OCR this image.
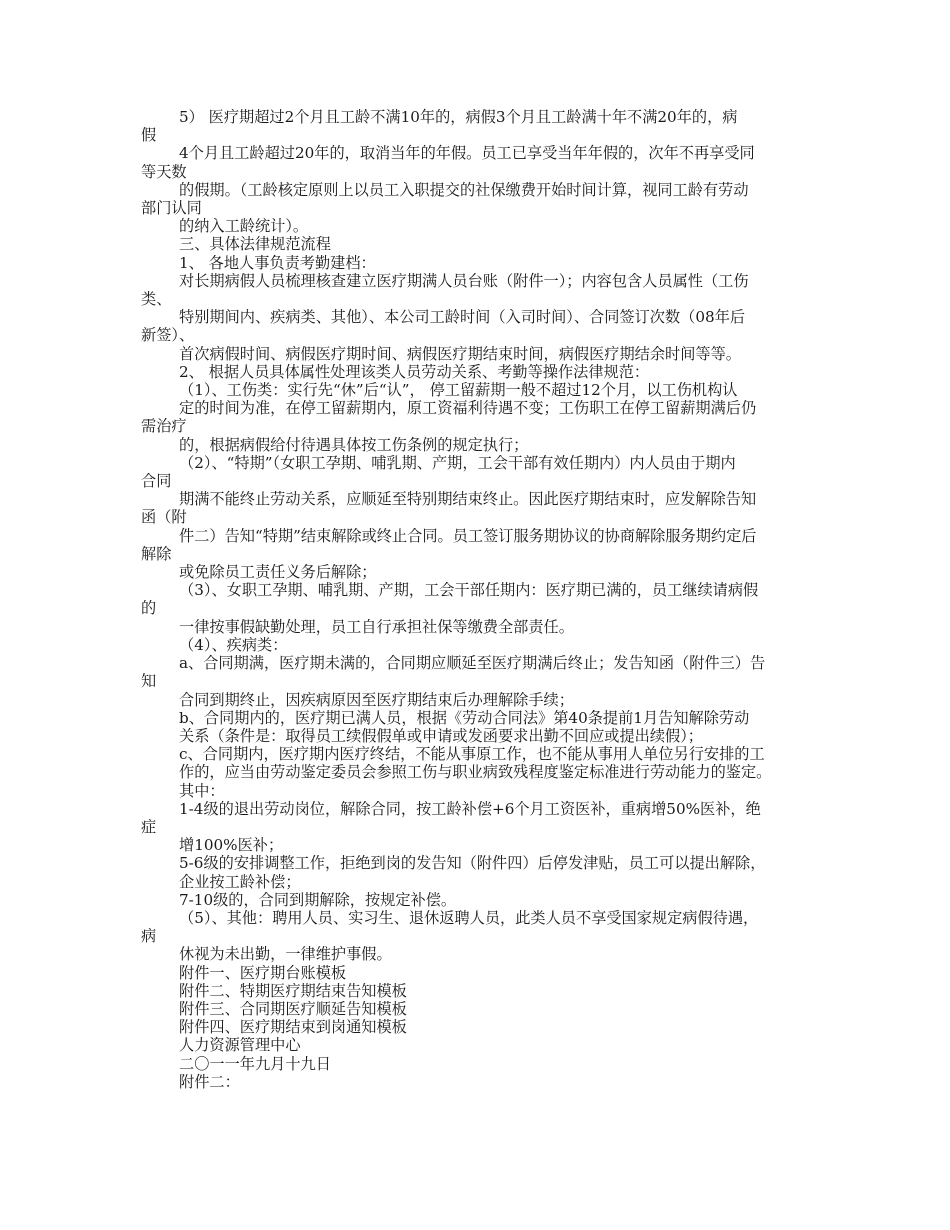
5） 医疗期超过2个月且工龄不满10年的，病假3个月且工龄满十年不满20年的，病

假

4个月且工龄超过20年的，取消当年的年假。员工已享受当年年假的，次年不再享受同

等天数

的假期。（工龄核定原则上以员工入职提交的社保缴费开始时间计算，视同工龄有劳动

部门认同

的纳入工龄统计）。

三、具体法律规范流程

1、 各地人事负责考勤建档：

对长期病假人员梳理核查建立医疗期满人员台账（附件一）；内容包含人员属性（工伤

类、

特别期间内、疾病类、其他）、本公司工龄时间（入司时间）、合同签订次数（08年后

新签）、

首次病假时间、病假医疗期时间、病假医疗期结束时间，病假医疗期结余时间等等。

2、 根据人员具体属性处理该类人员劳动关系、考勤等操作法律规范：

（1）、工伤类：实行先“休”后“认”， 停工留薪期一般不超过12个月，以工伤机构认

定的时间为准，在停工留薪期内，原工资福利待遇不变；工伤职工在停工留薪期满后仍

需治疗

的，根据病假给付待遇具体按工伤条例的规定执行；

（2）、“特期”（女职工孕期、哺乳期、产期，工会干部有效任期内）内人员由于期内

合同

期满不能终止劳动关系，应顺延至特别期结束终止。因此医疗期结束时，应发解除告知

函（附

件二）告知“特期”结束解除或终止合同。员工签订服务期协议的协商解除服务期约定后

解除

或免除员工责任义务后解除；

（3）、女职工孕期、哺乳期、产期，工会干部任期内：医疗期已满的，员工继续请病假

的

一律按事假缺勤处理，员工自行承担社保等缴费全部责任。

（4）、疾病类：

a、合同期满，医疗期未满的，合同期应顺延至医疗期满后终止；发告知函（附件三）告

知

合同到期终止，因疾病原因至医疗期结束后办理解除手续；

b、合同期内的，医疗期已满人员，根据《劳动合同法》第40条提前1月告知解除劳动

关系（条件是：取得员工续假假单或申请或发函要求出勤不回应或提出续假）；

c、合同期内，医疗期内医疗终结，不能从事原工作，也不能从事用人单位另行安排的工

作的，应当由劳动鉴定委员会参照工伤与职业病致残程度鉴定标准进行劳动能力的鉴定。

其中：

1-4级的退出劳动岗位，解除合同，按工龄补偿+6个月工资医补，重病增50%医补，绝

症

增100%医补；

5-6级的安排调整工作，拒绝到岗的发告知（附件四）后停发津贴，员工可以提出解除，

企业按工龄补偿；

7-10级的，合同到期解除，按规定补偿。

（5）、其他：聘用人员、实习生、退休返聘人员，此类人员不享受国家规定病假待遇，

病

休视为未出勤，一律维护事假。

附件一、医疗期台账模板

附件二、特期医疗期结束告知模板

附件三、合同期医疗顺延告知模板

附件四、医疗期结束到岗通知模板

人力资源管理中心

二〇一一年九月十九日

附件二：
